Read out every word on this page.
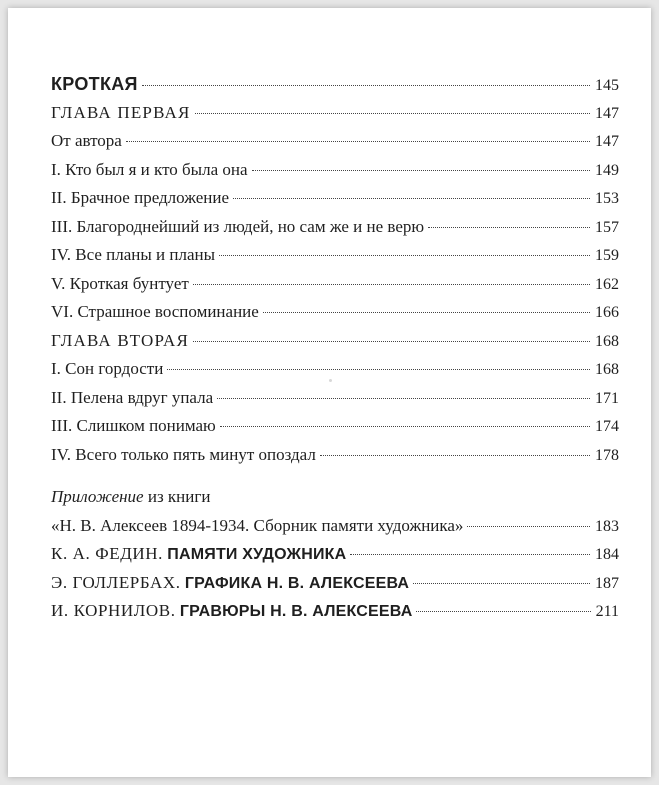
КРОТКАЯ	145
ГЛАВА ПЕРВАЯ	147
От автора	147
I. Кто был я и кто была она	149
II. Брачное предложение	153
III. Благороднейший из людей, но сам же и не верю	157
IV. Все планы и планы	159
V. Кроткая бунтует	162
VI. Страшное воспоминание	166
ГЛАВА ВТОРАЯ	168
I. Сон гордости	168
II. Пелена вдруг упала	171
III. Слишком понимаю	174
IV. Всего только пять минут опоздал	178
Приложение из книги
«Н. В. Алексеев 1894-1934. Сборник памяти художника»	183
К. А. ФЕДИН. ПАМЯТИ ХУДОЖНИКА	184
Э. ГОЛЛЕРБАХ. ГРАФИКА Н. В. АЛЕКСЕЕВА	187
И. КОРНИЛОВ. ГРАВЮРЫ Н. В. АЛЕКСЕЕВА	211
